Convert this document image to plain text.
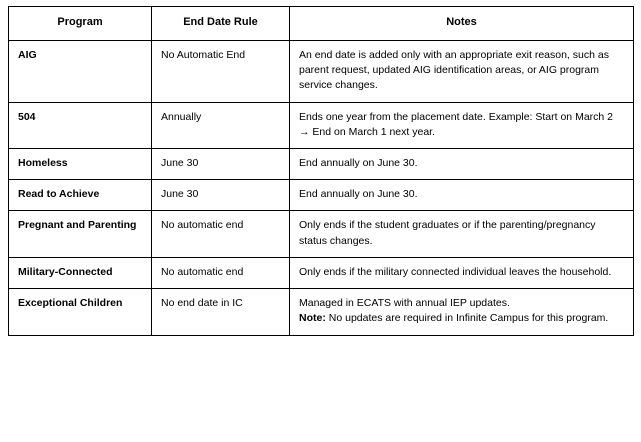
Program	End Date Rule	Notes
AIG	No Automatic End	An end date is added only with an appropriate exit reason, such as parent request, updated AIG identification areas, or AIG program service changes.
504	Annually	Ends one year from the placement date. Example: Start on March 2 → End on March 1 next year.
Homeless	June 30	End annually on June 30.
Read to Achieve	June 30	End annually on June 30.
Pregnant and Parenting	No automatic end	Only ends if the student graduates or if the parenting/pregnancy status changes.
Military-Connected	No automatic end	Only ends if the military connected individual leaves the household.
Exceptional Children	No end date in IC	Managed in ECATS with annual IEP updates.
Note: No updates are required in Infinite Campus for this program.
